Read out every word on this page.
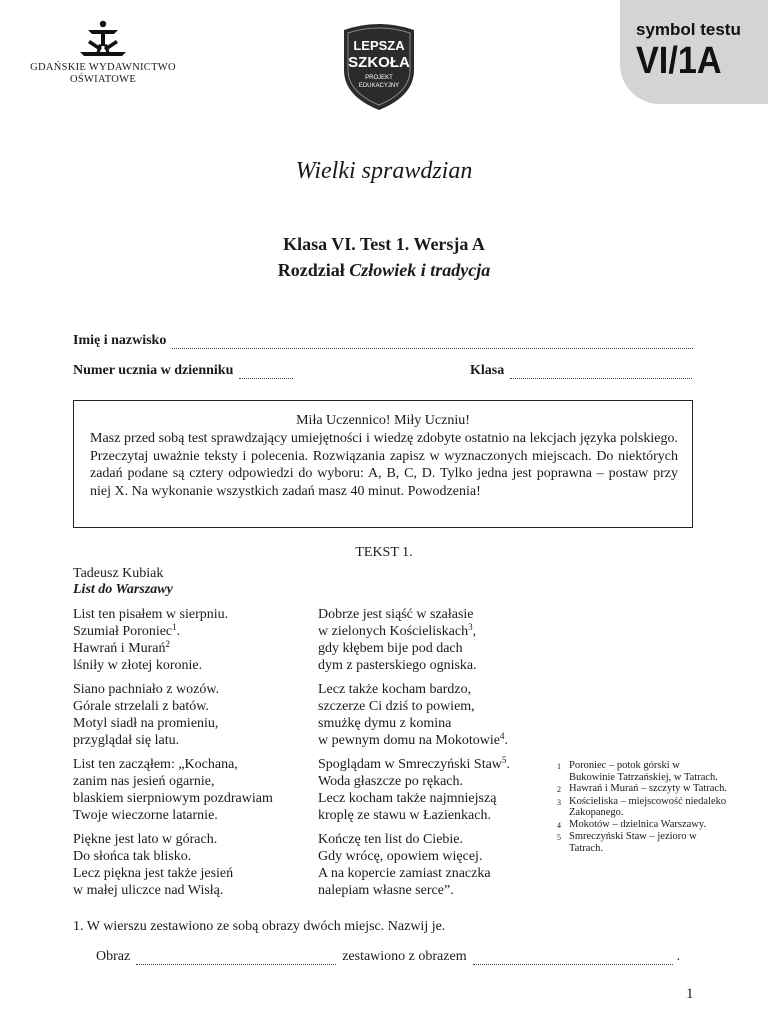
GDAŃSKIE WYDAWNICTWO
OŚWIATOWE
LEPSZA
SZKOŁA
PROJEKT
EDUKACYJNY
symbol testu
VI/1A
Wielki sprawdzian
Klasa VI. Test 1. Wersja A
Rozdział Człowiek i tradycja
Imię i nazwisko
Numer ucznia w dzienniku	Klasa
Miła Uczennico! Miły Uczniu!
Masz przed sobą test sprawdzający umiejętności i wiedzę zdobyte ostatnio na lekcjach języka polskiego. Przeczytaj uważnie teksty i polecenia. Rozwiązania zapisz w wyznaczonych miejscach. Do niektórych zadań podane są cztery odpowiedzi do wyboru: A, B, C, D. Tylko jedna jest poprawna – postaw przy niej X. Na wykonanie wszystkich zadań masz 40 minut. Powodzenia!
TEKST 1.
Tadeusz Kubiak
List do Warszawy
List ten pisałem w sierpniu.
Szumiał Poroniec$^1$.
Hawrań i Murań$^2$
lśniły w złotej koronie.
Siano pachniało z wozów.
Górale strzelali z batów.
Motyl siadł na promieniu,
przyglądał się latu.
List ten zacząłem: „Kochana,
zanim nas jesień ogarnie,
blaskiem sierpniowym pozdrawiam
Twoje wieczorne latarnie.
Piękne jest lato w górach.
Do słońca tak blisko.
Lecz piękna jest także jesień
w małej uliczce nad Wisłą.
Dobrze jest siąść w szałasie
w zielonych Kościeliskach$^3$,
gdy kłębem bije pod dach
dym z pasterskiego ogniska.
Lecz także kocham bardzo,
szczerze Ci dziś to powiem,
smużkę dymu z komina
w pewnym domu na Mokotowie$^4$.
Spoglądam w Smreczyński Staw$^5$.
Woda głaszcze po rękach.
Lecz kocham także najmniejszą
kroplę ze stawu w Łazienkach.
Kończę ten list do Ciebie.
Gdy wrócę, opowiem więcej.
A na kopercie zamiast znaczka
nalepiam własne serce”.
1 Poroniec – potok górski w Bukowinie Tatrzańskiej, w Tatrach.
2 Hawrań i Murań – szczyty w Tatrach.
3 Kościeliska – miejscowość niedaleko Zakopanego.
4 Mokotów – dzielnica Warszawy.
5 Smreczyński Staw – jezioro w Tatrach.
1. W wierszu zestawiono ze sobą obrazy dwóch miejsc. Nazwij je.
Obraz	zestawiono z obrazem	.
1
